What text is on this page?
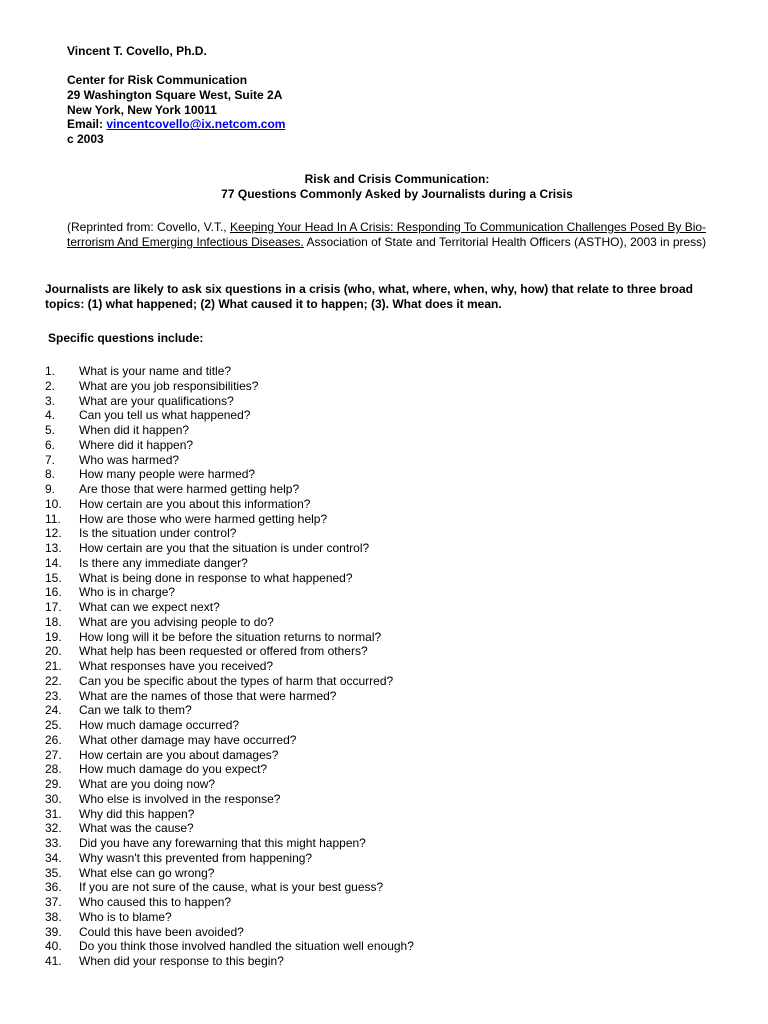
Vincent T. Covello, Ph.D.
Center for Risk Communication
29 Washington Square West, Suite 2A
New York, New York 10011
Email: vincentcovello@ix.netcom.com
c 2003
Risk and Crisis Communication:
77 Questions Commonly Asked by Journalists during a Crisis
(Reprinted from: Covello, V.T., Keeping Your Head In A Crisis: Responding To Communication Challenges Posed By Bio-terrorism And Emerging Infectious Diseases. Association of State and Territorial Health Officers (ASTHO), 2003 in press)
Journalists are likely to ask six questions in a crisis (who, what, where, when, why, how) that relate to three broad topics: (1) what happened; (2) What caused it to happen; (3). What does it mean.
Specific questions include:
1.	What is your name and title?
2.	What are you job responsibilities?
3.	What are your qualifications?
4.	Can you tell us what happened?
5.	When did it happen?
6.	Where did it happen?
7.	Who was harmed?
8.	How many people were harmed?
9.	Are those that were harmed getting help?
10.	How certain are you about this information?
11.	How are those who were harmed getting help?
12.	Is the situation under control?
13.	How certain are you that the situation is under control?
14.	Is there any immediate danger?
15.	What is being done in response to what happened?
16.	Who is in charge?
17.	What can we expect next?
18.	What are you advising people to do?
19.	How long will it be before the situation returns to normal?
20.	What help has been requested or offered from others?
21.	What responses have you received?
22.	Can you be specific about the types of harm that occurred?
23.	What are the names of those that were harmed?
24.	Can we talk to them?
25.	How much damage occurred?
26.	What other damage may have occurred?
27.	How certain are you about damages?
28.	How much damage do you expect?
29.	What are you doing now?
30.	Who else is involved in the response?
31.	Why did this happen?
32.	What was the cause?
33.	Did you have any forewarning that this might happen?
34.	Why wasn't this prevented from happening?
35.	What else can go wrong?
36.	If you are not sure of the cause, what is your best guess?
37.	Who caused this to happen?
38.	Who is to blame?
39.	Could this have been avoided?
40.	Do you think those involved handled the situation well enough?
41.	When did your response to this begin?
